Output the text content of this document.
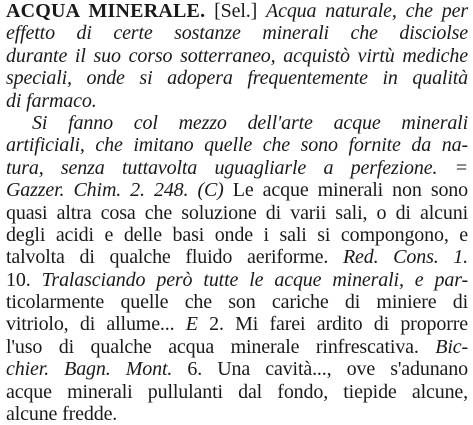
ACQUA MINERALE. [Sel.] Acqua naturale, che per
effetto di certe sostanze minerali che disciolse
durante il suo corso sotterraneo, acquistò virtù mediche
speciali, onde si adopera frequentemente in qualità
di farmaco.
Si fanno col mezzo dell'arte acque minerali
artificiali, che imitano quelle che sono fornite da na-
tura, senza tuttavolta uguagliarle a perfezione. =
Gazzer. Chim. 2. 248. (C) Le acque minerali non sono
quasi altra cosa che soluzione di varii sali, o di alcuni
degli acidi e delle basi onde i sali si compongono, e
talvolta di qualche fluido aeriforme. Red. Cons. 1.
10. Tralasciando però tutte le acque minerali, e par-
ticolarmente quelle che son cariche di miniere di
vitriolo, di allume... E 2. Mi farei ardito di proporre
l'uso di qualche acqua minerale rinfrescativa. Bic-
chier. Bagn. Mont. 6. Una cavità..., ove s'adunano
acque minerali pullulanti dal fondo, tiepide alcune,
alcune fredde.
